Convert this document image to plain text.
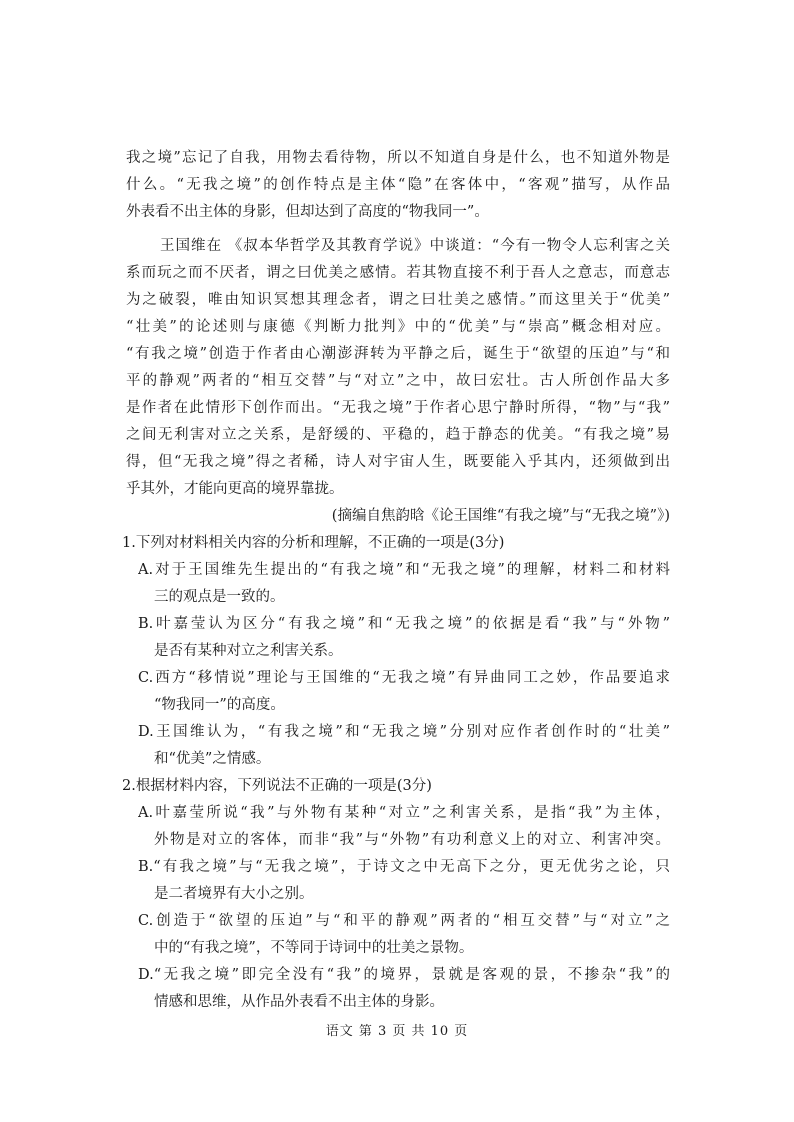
我之境”忘记了自我，用物去看待物，所以不知道自身是什么，也不知道外物是
什么。“无我之境”的创作特点是主体“隐”在客体中，“客观”描写，从作品
外表看不出主体的身影，但却达到了高度的“物我同一”。
王国维在 《叔本华哲学及其教育学说》中谈道：“今有一物令人忘利害之关
系而玩之而不厌者，谓之曰优美之感情。若其物直接不利于吾人之意志，而意志
为之破裂，唯由知识冥想其理念者，谓之曰壮美之感情。”而这里关于“优美”
“壮美”的论述则与康德《判断力批判》中的“优美”与“崇高”概念相对应。
“有我之境”创造于作者由心潮澎湃转为平静之后，诞生于“欲望的压迫”与“和
平的静观”两者的“相互交替”与“对立”之中，故曰宏壮。古人所创作品大多
是作者在此情形下创作而出。“无我之境”于作者心思宁静时所得，“物”与“我”
之间无利害对立之关系，是舒缓的、平稳的，趋于静态的优美。“有我之境”易
得，但“无我之境”得之者稀，诗人对宇宙人生，既要能入乎其内，还须做到出
乎其外，才能向更高的境界靠拢。
(摘编自焦韵晗《论王国维“有我之境”与“无我之境”》)
1.下列对材料相关内容的分析和理解，不正确的一项是(3分)
A.对于王国维先生提出的“有我之境”和“无我之境”的理解，材料二和材料
三的观点是一致的。
B.叶嘉莹认为区分“有我之境”和“无我之境”的依据是看“我”与“外物”
是否有某种对立之利害关系。
C.西方“移情说”理论与王国维的“无我之境”有异曲同工之妙，作品要追求
“物我同一”的高度。
D.王国维认为，“有我之境”和“无我之境”分别对应作者创作时的“壮美”
和“优美”之情感。
2.根据材料内容，下列说法不正确的一项是(3分)
A.叶嘉莹所说“我”与外物有某种“对立”之利害关系，是指“我”为主体，
外物是对立的客体，而非“我”与“外物”有功利意义上的对立、利害冲突。
B.“有我之境”与“无我之境”，于诗文之中无高下之分，更无优劣之论，只
是二者境界有大小之别。
C.创造于“欲望的压迫”与“和平的静观”两者的“相互交替”与“对立”之
中的“有我之境”，不等同于诗词中的壮美之景物。
D.“无我之境”即完全没有“我”的境界，景就是客观的景，不掺杂“我”的
情感和思维，从作品外表看不出主体的身影。
语文 第 3 页 共 10 页
